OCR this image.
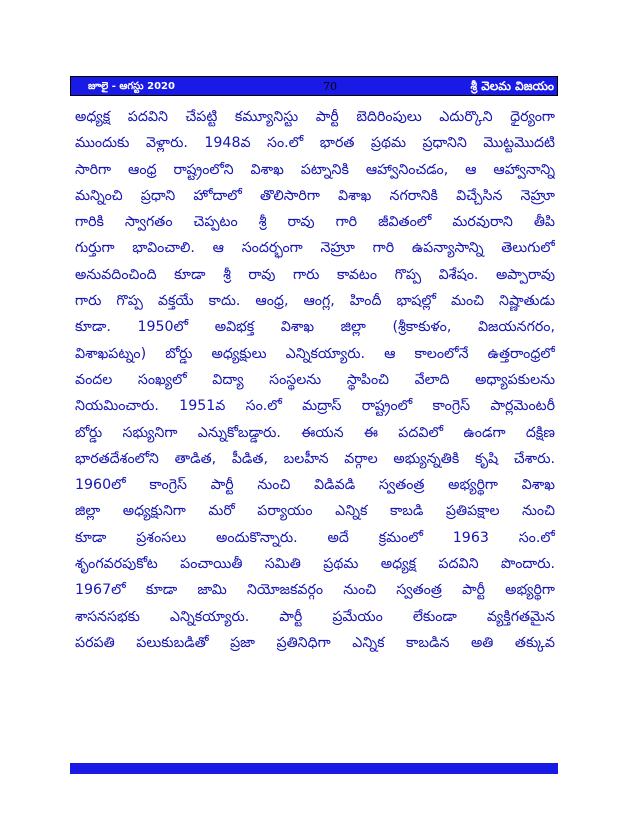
జూలై - ఆగస్టు 2020	70	శ్రీ వెలమ విజయం
అధ్యక్ష పదవిని చేపట్టి కమ్యూనిస్టు పార్టీ బెదిరింపులు ఎదుర్కొని ధైర్యంగా
ముందుకు వెళ్లారు. 1948వ సం.లో భారత ప్రథమ ప్రధానిని మొట్టమొదటి
సారిగా ఆంధ్ర రాష్ట్రంలోని విశాఖ పట్నానికి ఆహ్వానించడం, ఆ ఆహ్వానాన్ని
మన్నించి ప్రధాని హోదాలో తొలిసారిగా విశాఖ నగరానికి విచ్చేసిన నెహ్రూ
గారికి స్వాగతం చెప్పటం శ్రీ రావు గారి జీవితంలో మరవురాని తీపి
గుర్తుగా భావించాలి. ఆ సందర్భంగా నెహ్రూ గారి ఉపన్యాసాన్ని తెలుగులో
అనువదించింది కూడా శ్రీ రావు గారు కావటం గొప్ప విశేషం. అప్పారావు
గారు గొప్ప వక్తయే కాదు. ఆంధ్ర, ఆంగ్ల, హిందీ భాషల్లో మంచి నిష్ణాతుడు
కూడా. 1950లో అవిభక్త విశాఖ జిల్లా (శ్రీకాకుళం, విజయనగరం,
విశాఖపట్నం) బోర్డు అధ్యక్షులు ఎన్నికయ్యారు. ఆ కాలంలోనే ఉత్తరాంధ్రలో
వందల సంఖ్యలో విద్యా సంస్థలను స్థాపించి వేలాది అధ్యాపకులను
నియమించారు. 1951వ సం.లో మద్రాస్ రాష్ట్రంలో కాంగ్రెస్ పార్లమెంటరీ
బోర్డు సభ్యునిగా ఎన్నుకోబడ్డారు. ఈయన ఈ పదవిలో ఉండగా దక్షిణ
భారతదేశంలోని తాడిత, పీడిత, బలహీన వర్గాల అభ్యున్నతికి కృషి చేశారు.
1960లో కాంగ్రెస్ పార్టీ నుంచి విడివడి స్వతంత్ర అభ్యర్థిగా విశాఖ
జిల్లా అధ్యక్షునిగా మరో పర్యాయం ఎన్నిక కాబడి ప్రతిపక్షాల నుంచి
కూడా ప్రశంసలు అందుకొన్నారు. అదే క్రమంలో 1963 సం.లో
శృంగవరపుకోట పంచాయితీ సమితి ప్రథమ అధ్యక్ష పదవిని పొందారు.
1967లో కూడా జామి నియోజకవర్గం నుంచి స్వతంత్ర పార్టీ అభ్యర్థిగా
శాసనసభకు ఎన్నికయ్యారు. పార్టీ ప్రమేయం లేకుండా వ్యక్తిగతమైన
పరపతి పలుకుబడితో ప్రజా ప్రతినిధిగా ఎన్నిక కాబడిన అతి తక్కువ
